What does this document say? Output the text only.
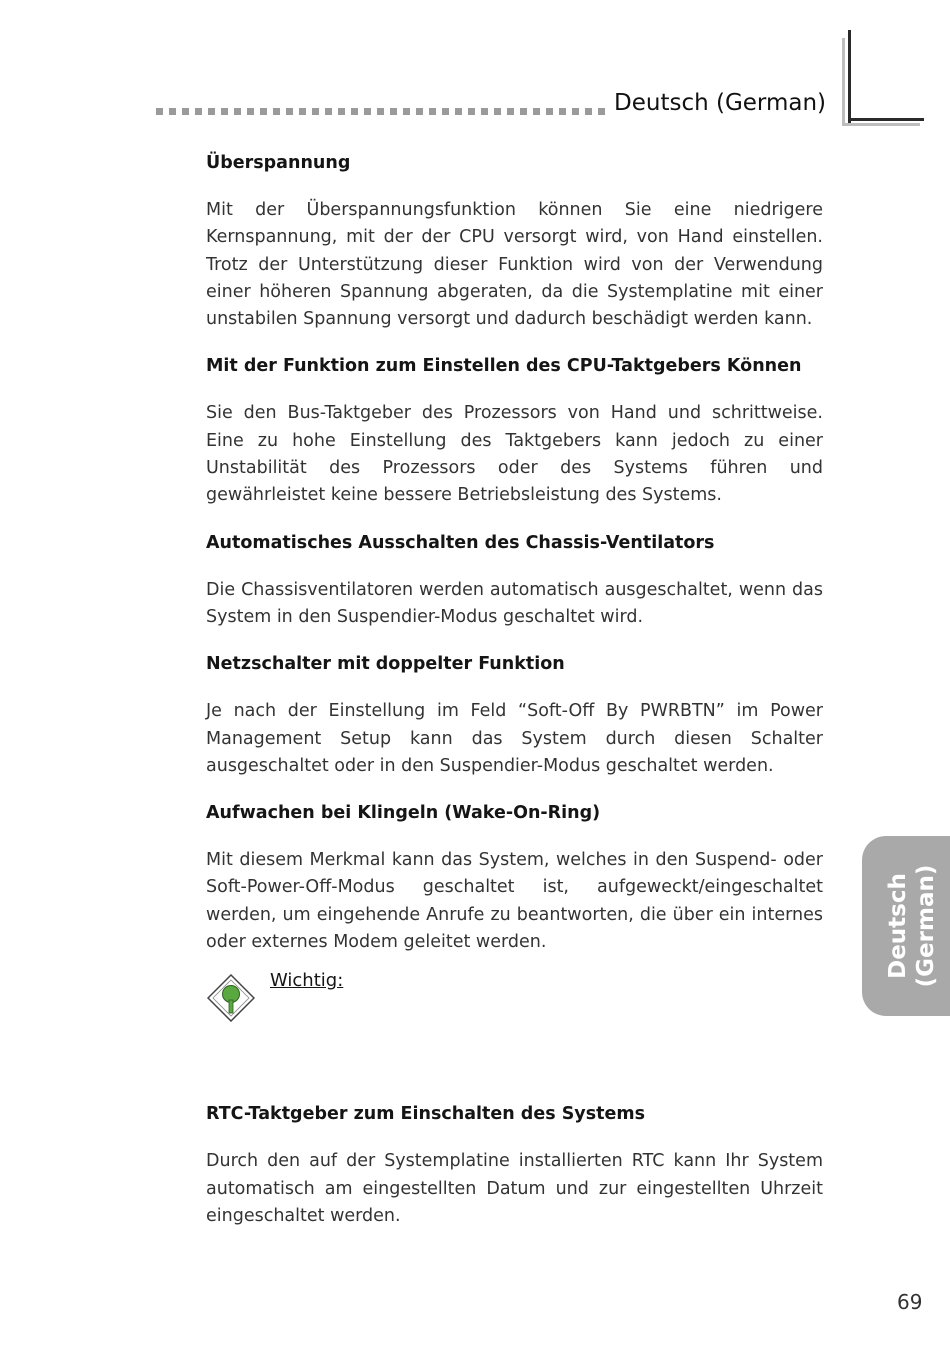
Deutsch (German)
Überspannung

Mit der Überspannungsfunktion können Sie eine niedrigere Kernspannung, mit der der CPU versorgt wird, von Hand einstellen. Trotz der Unterstützung dieser Funktion wird von der Verwendung einer höheren Spannung abgeraten, da die Systemplatine mit einer unstabilen Spannung versorgt und dadurch beschädigt werden kann.

Mit der Funktion zum Einstellen des CPU-Taktgebers Können

Sie den Bus-Taktgeber des Prozessors von Hand und schrittweise. Eine zu hohe Einstellung des Taktgebers kann jedoch zu einer Unstabilität des Prozessors oder des Systems führen und gewährleistet keine bessere Betriebsleistung des Systems.

Automatisches Ausschalten des Chassis-Ventilators

Die Chassisventilatoren werden automatisch ausgeschaltet, wenn das System in den Suspendier-Modus geschaltet wird.

Netzschalter mit doppelter Funktion

Je nach der Einstellung im Feld “Soft-Off By PWRBTN” im Power Management Setup kann das System durch diesen Schalter ausgeschaltet oder in den Suspendier-Modus geschaltet werden.

Aufwachen bei Klingeln (Wake-On-Ring)

Mit diesem Merkmal kann das System, welches in den Suspend- oder Soft-Power-Off-Modus geschaltet ist, aufgeweckt/eingeschaltet werden, um eingehende Anrufe zu beantworten, die über ein internes oder externes Modem geleitet werden.

RTC-Taktgeber zum Einschalten des Systems

Durch den auf der Systemplatine installierten RTC kann Ihr System automatisch am eingestellten Datum und zur eingestellten Uhrzeit eingeschaltet werden.

Wichtig:
Deutsch (German)
69
